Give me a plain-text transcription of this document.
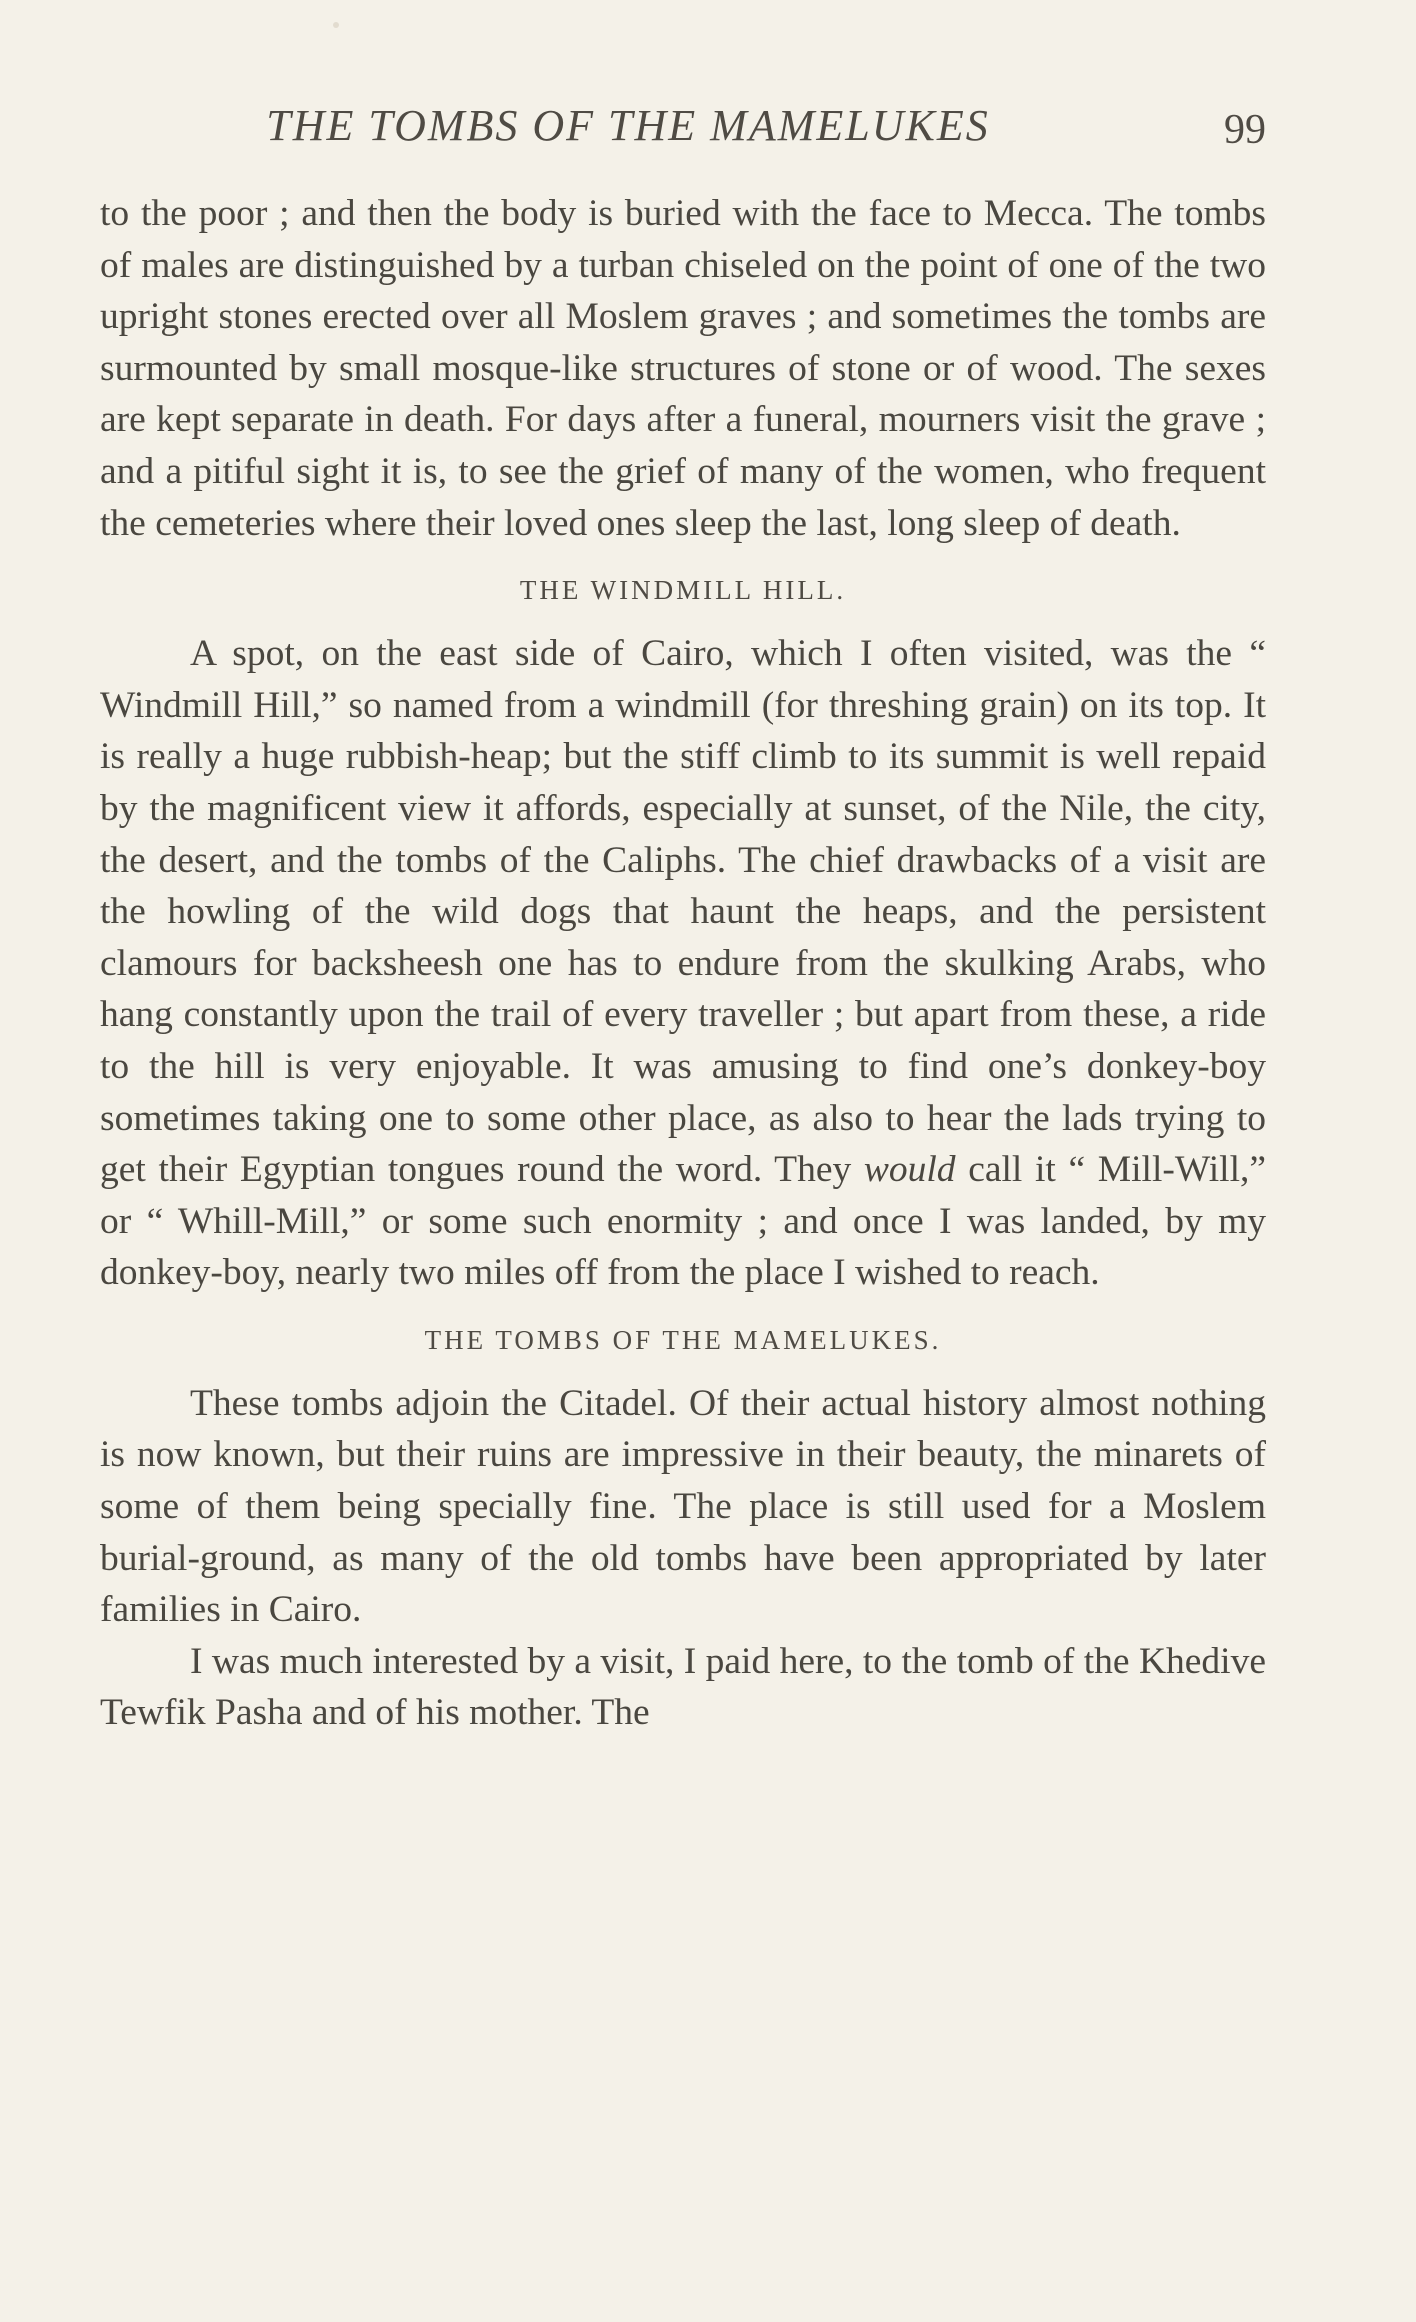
THE TOMBS OF THE MAMELUKES	99

to the poor ; and then the body is buried with the face to Mecca. The tombs of males are distinguished by a turban chiseled on the point of one of the two upright stones erected over all Moslem graves ; and sometimes the tombs are surmounted by small mosque-like structures of stone or of wood. The sexes are kept separate in death. For days after a funeral, mourners visit the grave ; and a pitiful sight it is, to see the grief of many of the women, who frequent the cemeteries where their loved ones sleep the last, long sleep of death.

THE WINDMILL HILL.

A spot, on the east side of Cairo, which I often visited, was the “ Windmill Hill,” so named from a windmill (for threshing grain) on its top. It is really a huge rubbish-heap; but the stiff climb to its summit is well repaid by the magnificent view it affords, especially at sunset, of the Nile, the city, the desert, and the tombs of the Caliphs. The chief drawbacks of a visit are the howling of the wild dogs that haunt the heaps, and the persistent clamours for backsheesh one has to endure from the skulking Arabs, who hang constantly upon the trail of every traveller ; but apart from these, a ride to the hill is very enjoyable. It was amusing to find one’s donkey-boy sometimes taking one to some other place, as also to hear the lads trying to get their Egyptian tongues round the word. They would call it “ Mill-Will,” or “ Whill-Mill,” or some such enormity ; and once I was landed, by my donkey-boy, nearly two miles off from the place I wished to reach.

THE TOMBS OF THE MAMELUKES.

These tombs adjoin the Citadel. Of their actual history almost nothing is now known, but their ruins are impressive in their beauty, the minarets of some of them being specially fine. The place is still used for a Moslem burial-ground, as many of the old tombs have been appropriated by later families in Cairo.

I was much interested by a visit, I paid here, to the tomb of the Khedive Tewfik Pasha and of his mother. The
